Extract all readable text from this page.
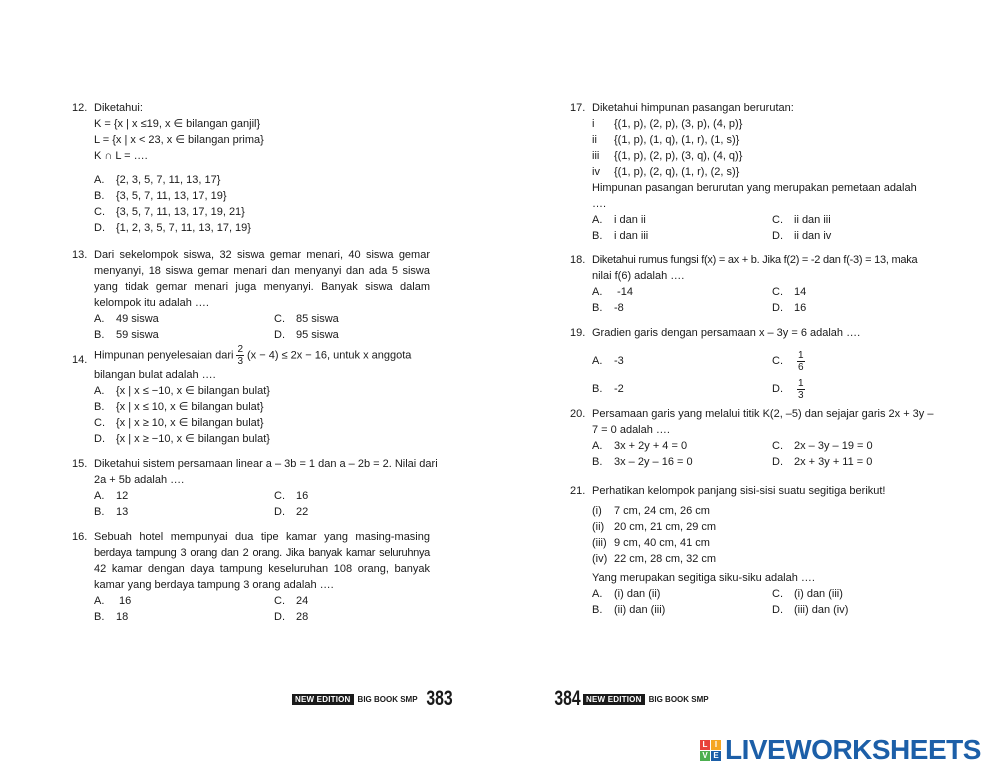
12. Diketahui:
K = {x | x ≤19, x ∈ bilangan ganjil}
L = {x | x < 23, x ∈ bilangan prima}
K ∩ L = ….
A. {2, 3, 5, 7, 11, 13, 17}
B. {3, 5, 7, 11, 13, 17, 19}
C. {3, 5, 7, 11, 13, 17, 19, 21}
D. {1, 2, 3, 5, 7, 11, 13, 17, 19}
13. Dari sekelompok siswa, 32 siswa gemar menari, 40 siswa gemar
menyanyi, 18 siswa gemar menari dan menyanyi dan ada 5 siswa
yang tidak gemar menari juga menyanyi. Banyak siswa dalam
kelompok itu adalah ….
A. 49 siswa	C. 85 siswa
B. 59 siswa	D. 95 siswa
14. Himpunan penyelesaian dari $\frac{2}{3} (x - 4) \le 2x - 16$, untuk x anggota
bilangan bulat adalah ….
A. {x | x ≤ −10, x ∈ bilangan bulat}
B. {x | x ≤ 10, x ∈ bilangan bulat}
C. {x | x ≥ 10, x ∈ bilangan bulat}
D. {x | x ≥ −10, x ∈ bilangan bulat}
15. Diketahui sistem persamaan linear a – 3b = 1 dan a – 2b = 2. Nilai dari
2a + 5b adalah ….
A. 12	C. 16
B. 13	D. 22
16. Sebuah hotel mempunyai dua tipe kamar yang masing-masing
berdaya tampung 3 orang dan 2 orang. Jika banyak kamar seluruhnya
42 kamar dengan daya tampung keseluruhan 108 orang, banyak
kamar yang berdaya tampung 3 orang adalah ….
A. 16	C. 24
B. 18	D. 28
NEW EDITION BIG BOOK SMP 383
17. Diketahui himpunan pasangan berurutan:
i {(1, p), (2, p), (3, p), (4, p)}
ii {(1, p), (1, q), (1, r), (1, s)}
iii {(1, p), (2, p), (3, q), (4, q)}
iv {(1, p), (2, q), (1, r), (2, s)}
Himpunan pasangan berurutan yang merupakan pemetaan adalah
….
A. i dan ii	C. ii dan iii
B. i dan iii	D. ii dan iv
18. Diketahui rumus fungsi f(x) = ax + b. Jika f(2) = -2 dan f(-3) = 13, maka
nilai f(6) adalah ….
A. -14	C. 14
B. -8	D. 16
19. Gradien garis dengan persamaan x – 3y = 6 adalah ….
A. -3	C. $\frac{1}{6}$
B. -2	D. $\frac{1}{3}$
20. Persamaan garis yang melalui titik K(2, –5) dan sejajar garis 2x + 3y –
7 = 0 adalah ….
A. 3x + 2y + 4 = 0	C. 2x – 3y – 19 = 0
B. 3x – 2y – 16 = 0	D. 2x + 3y + 11 = 0
21. Perhatikan kelompok panjang sisi-sisi suatu segitiga berikut!
(i) 7 cm, 24 cm, 26 cm
(ii) 20 cm, 21 cm, 29 cm
(iii) 9 cm, 40 cm, 41 cm
(iv) 22 cm, 28 cm, 32 cm
Yang merupakan segitiga siku-siku adalah ….
A. (i) dan (ii)	C. (i) dan (iii)
B. (ii) dan (iii)	D. (iii) dan (iv)
384 NEW EDITION BIG BOOK SMP
L I
V E LIVEWORKSHEETS
